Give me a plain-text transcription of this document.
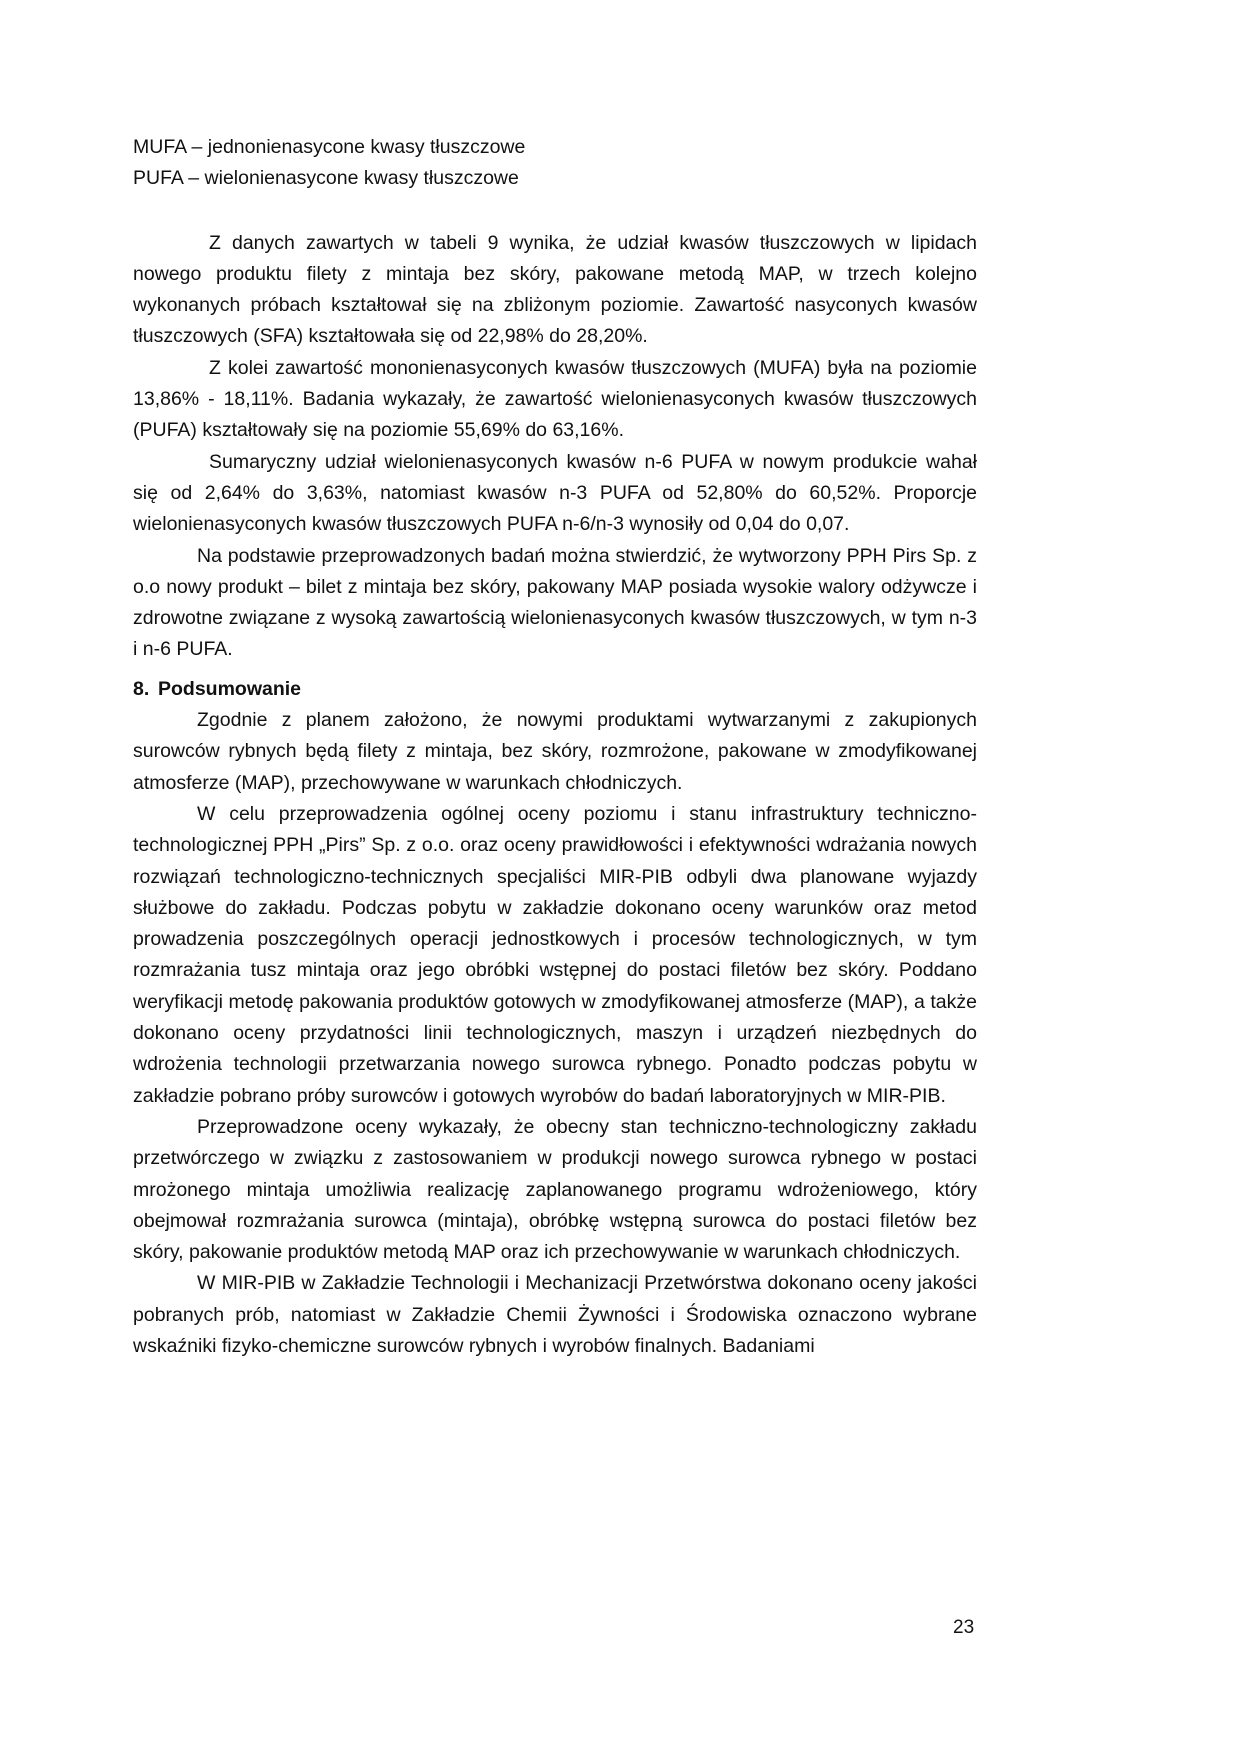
MUFA – jednonienasycone kwasy tłuszczowe

PUFA – wielonienasycone kwasy tłuszczowe

Z danych zawartych w tabeli 9 wynika, że udział kwasów tłuszczowych w lipidach nowego produktu filety z mintaja bez skóry, pakowane metodą MAP, w trzech kolejno wykonanych próbach kształtował się na zbliżonym poziomie. Zawartość nasyconych kwasów tłuszczowych (SFA) kształtowała się od 22,98% do 28,20%.

Z kolei zawartość mononienasyconych kwasów tłuszczowych (MUFA) była na poziomie 13,86% - 18,11%. Badania wykazały, że zawartość wielonienasyconych kwasów tłuszczowych (PUFA) kształtowały się na poziomie 55,69% do 63,16%.

Sumaryczny udział wielonienasyconych kwasów n-6 PUFA w nowym produkcie wahał się od 2,64% do 3,63%, natomiast kwasów n-3 PUFA od 52,80% do 60,52%. Proporcje wielonienasyconych kwasów tłuszczowych PUFA n-6/n-3 wynosiły od 0,04 do 0,07.

Na podstawie przeprowadzonych badań można stwierdzić, że wytworzony PPH Pirs Sp. z o.o nowy produkt – bilet z mintaja bez skóry, pakowany MAP posiada wysokie walory odżywcze i zdrowotne związane z wysoką zawartością wielonienasyconych kwasów tłuszczowych, w tym n-3 i n-6 PUFA.

8. Podsumowanie

Zgodnie z planem założono, że nowymi produktami wytwarzanymi z zakupionych surowców rybnych będą filety z mintaja, bez skóry, rozmrożone, pakowane w zmodyfikowanej atmosferze (MAP), przechowywane w warunkach chłodniczych.

W celu przeprowadzenia ogólnej oceny poziomu i stanu infrastruktury techniczno-technologicznej PPH „Pirs” Sp. z o.o. oraz oceny prawidłowości i efektywności wdrażania nowych rozwiązań technologiczno-technicznych specjaliści MIR-PIB odbyli dwa planowane wyjazdy służbowe do zakładu. Podczas pobytu w zakładzie dokonano oceny warunków oraz metod prowadzenia poszczególnych operacji jednostkowych i procesów technologicznych, w tym rozmrażania tusz mintaja oraz jego obróbki wstępnej do postaci filetów bez skóry. Poddano weryfikacji metodę pakowania produktów gotowych w zmodyfikowanej atmosferze (MAP), a także dokonano oceny przydatności linii technologicznych, maszyn i urządzeń niezbędnych do wdrożenia technologii przetwarzania nowego surowca rybnego. Ponadto podczas pobytu w zakładzie pobrano próby surowców i gotowych wyrobów do badań laboratoryjnych w MIR-PIB.

Przeprowadzone oceny wykazały, że obecny stan techniczno-technologiczny zakładu przetwórczego w związku z zastosowaniem w produkcji nowego surowca rybnego w postaci mrożonego mintaja umożliwia realizację zaplanowanego programu wdrożeniowego, który obejmował rozmrażania surowca (mintaja), obróbkę wstępną surowca do postaci filetów bez skóry, pakowanie produktów metodą MAP oraz ich przechowywanie w warunkach chłodniczych.

W MIR-PIB w Zakładzie Technologii i Mechanizacji Przetwórstwa dokonano oceny jakości pobranych prób, natomiast w Zakładzie Chemii Żywności i Środowiska oznaczono wybrane wskaźniki fizyko-chemiczne surowców rybnych i wyrobów finalnych. Badaniami

23
